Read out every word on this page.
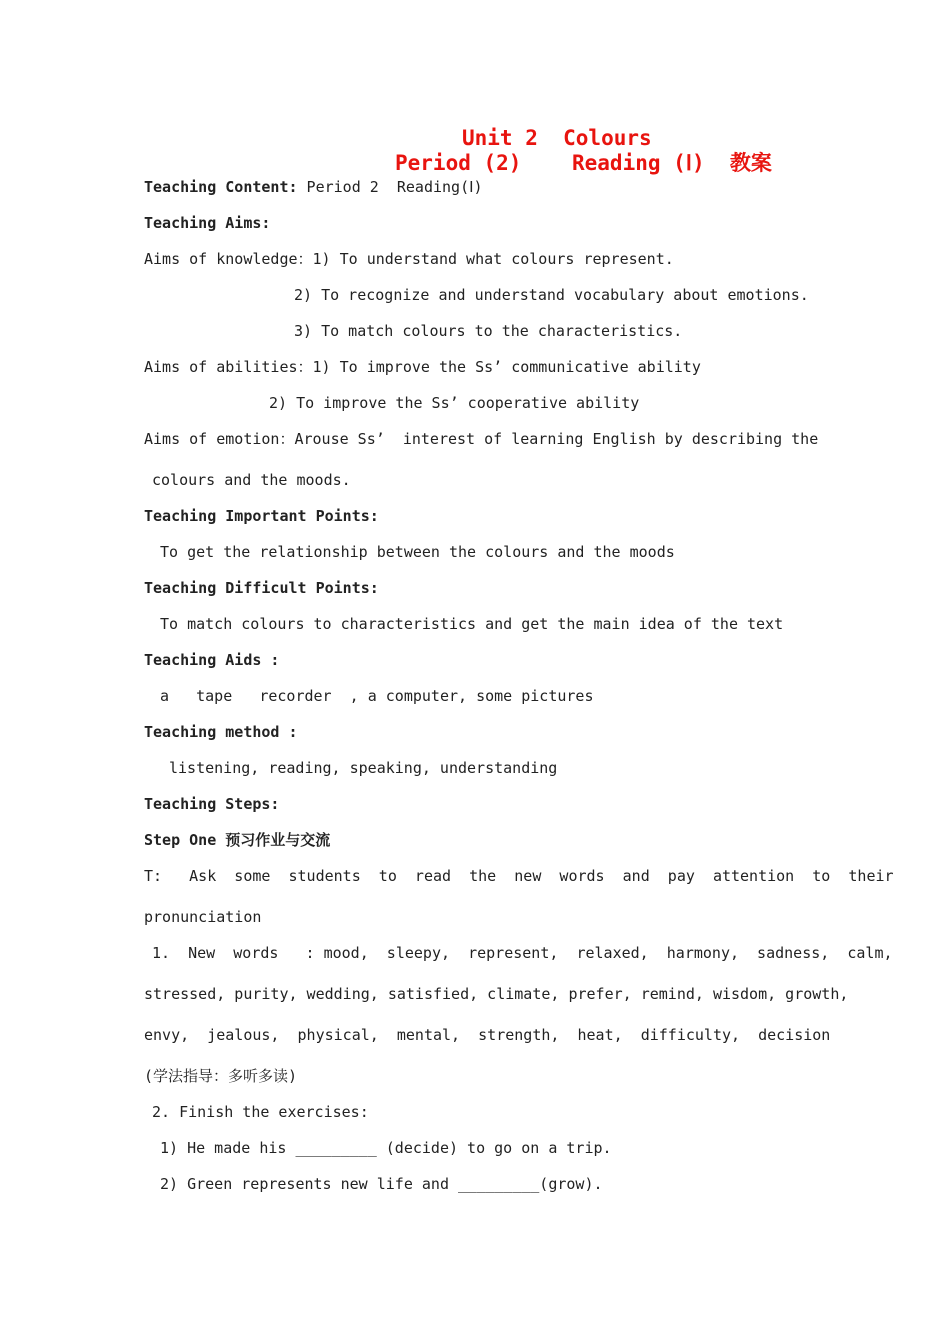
Unit 2  Colours
Period (2)    Reading (Ⅰ)  教案
Teaching Content: Period 2  Reading(Ⅰ)
Teaching Aims:
Aims of knowledge：1) To understand what colours represent.
2) To recognize and understand vocabulary about emotions.
3) To match colours to the characteristics.
Aims of abilities：1) To improve the Ss’ communicative ability
2) To improve the Ss’ cooperative ability
Aims of emotion：Arouse Ss’  interest of learning English by describing the
colours and the moods.
Teaching Important Points:
To get the relationship between the colours and the moods
Teaching Difficult Points:
To match colours to characteristics and get the main idea of the text
Teaching Aids :
a   tape   recorder  , a computer, some pictures
Teaching method :
listening, reading, speaking, understanding
Teaching Steps:
Step One 预习作业与交流
T:   Ask  some  students  to  read  the  new  words  and  pay  attention  to  their
pronunciation
1.  New  words   : mood,  sleepy,  represent,  relaxed,  harmony,  sadness,  calm,
stressed, purity, wedding, satisfied, climate, prefer, remind, wisdom, growth,
envy,  jealous,  physical,  mental,  strength,  heat,  difficulty,  decision
(学法指导：多听多读)
2. Finish the exercises:
1) He made his _________ (decide) to go on a trip.
2) Green represents new life and _________(grow).
